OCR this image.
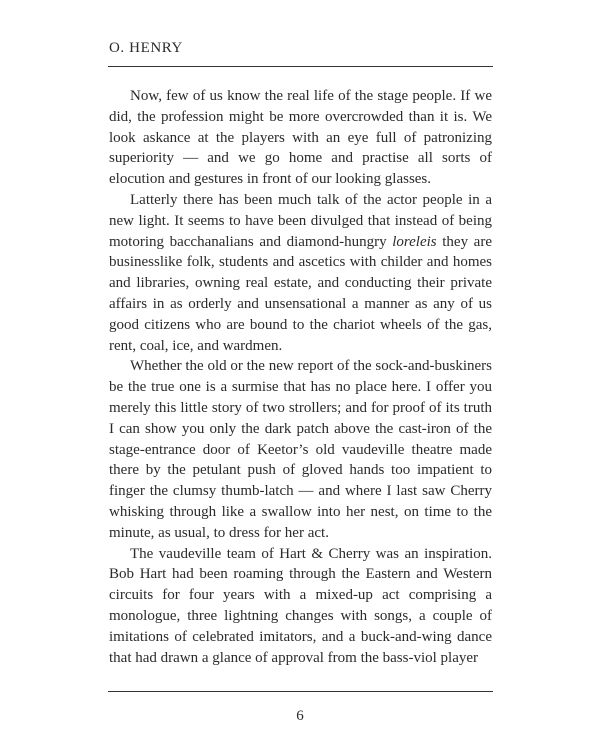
O. HENRY

Now, few of us know the real life of the stage people. If we did, the profession might be more overcrowded than it is. We look askance at the players with an eye full of patronizing superiority — and we go home and practise all sorts of elocution and gestures in front of our looking glasses.

Latterly there has been much talk of the actor people in a new light. It seems to have been divulged that instead of being motoring bacchanalians and diamond-hungry loreleis they are businesslike folk, students and ascetics with childer and homes and libraries, owning real estate, and conducting their private affairs in as orderly and unsensational a manner as any of us good citizens who are bound to the chariot wheels of the gas, rent, coal, ice, and wardmen.

Whether the old or the new report of the sock-and-buskiners be the true one is a surmise that has no place here. I offer you merely this little story of two strollers; and for proof of its truth I can show you only the dark patch above the cast-iron of the stage-entrance door of Keetor’s old vaudeville theatre made there by the petulant push of gloved hands too impatient to finger the clumsy thumb-latch — and where I last saw Cherry whisking through like a swallow into her nest, on time to the minute, as usual, to dress for her act.

The vaudeville team of Hart & Cherry was an inspiration. Bob Hart had been roaming through the Eastern and Western circuits for four years with a mixed-up act comprising a monologue, three lightning changes with songs, a couple of imitations of celebrated imitators, and a buck-and-wing dance that had drawn a glance of approval from the bass-viol player

6
